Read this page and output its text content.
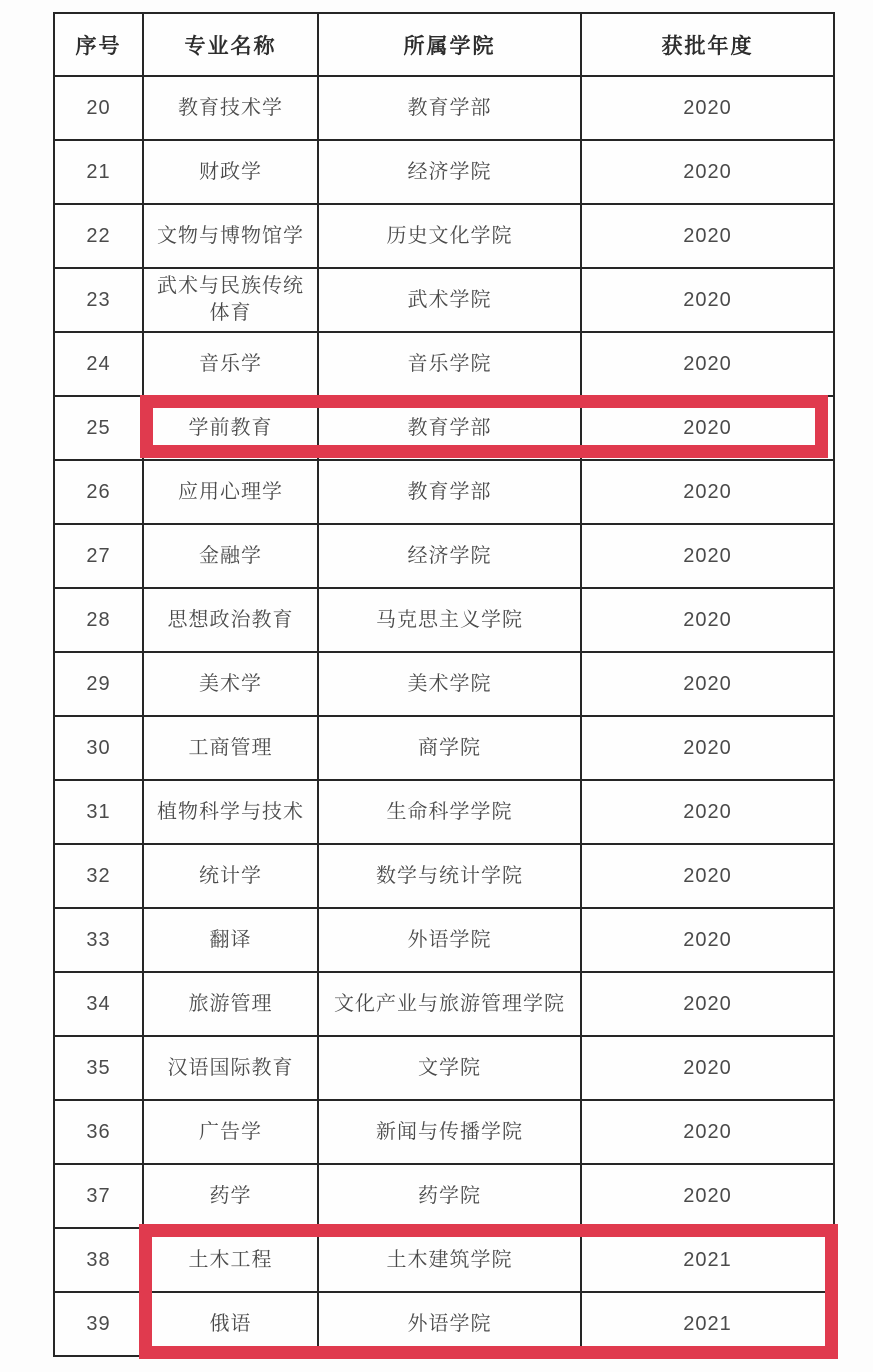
序号	专业名称	所属学院	获批年度
20	教育技术学	教育学部	2020
21	财政学	经济学院	2020
22	文物与博物馆学	历史文化学院	2020
23	武术与民族传统体育	武术学院	2020
24	音乐学	音乐学院	2020
25	学前教育	教育学部	2020
26	应用心理学	教育学部	2020
27	金融学	经济学院	2020
28	思想政治教育	马克思主义学院	2020
29	美术学	美术学院	2020
30	工商管理	商学院	2020
31	植物科学与技术	生命科学学院	2020
32	统计学	数学与统计学院	2020
33	翻译	外语学院	2020
34	旅游管理	文化产业与旅游管理学院	2020
35	汉语国际教育	文学院	2020
36	广告学	新闻与传播学院	2020
37	药学	药学院	2020
38	土木工程	土木建筑学院	2021
39	俄语	外语学院	2021
